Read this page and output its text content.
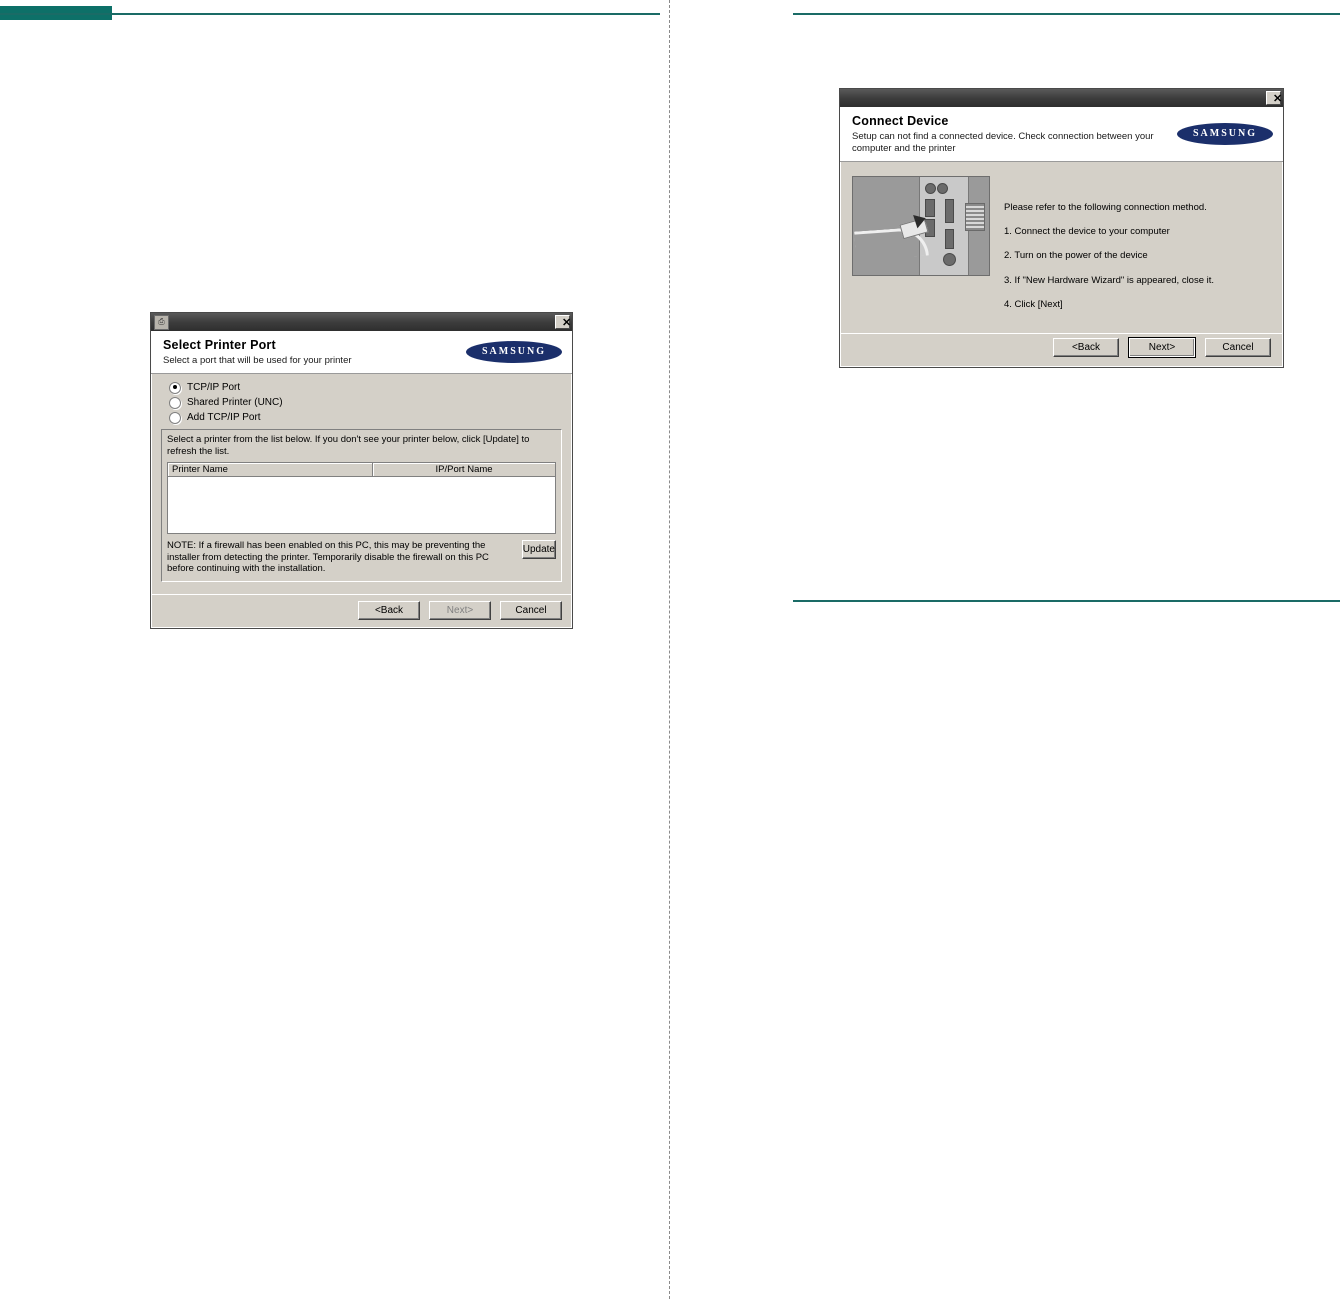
⎙	✕
Select Printer Port
Select a port that will be used for your printer
SAMSUNG
TCP/IP Port
Shared Printer (UNC)
Add TCP/IP Port
Select a printer from the list below. If you don't see your printer below, click [Update] to refresh the list.
Printer Name	IP/Port Name
NOTE: If a firewall has been enabled on this PC, this may be preventing the installer from detecting the printer. Temporarily disable the firewall on this PC before continuing with the installation.
Update
<Back	Next>	Cancel
✕
Connect Device
Setup can not find a connected device. Check connection between your computer and the printer
SAMSUNG
Please refer to the following connection method.
1. Connect the device to your computer
2. Turn on the power of the device
3. If "New Hardware Wizard" is appeared, close it.
4. Click [Next]
<Back	Next>	Cancel
